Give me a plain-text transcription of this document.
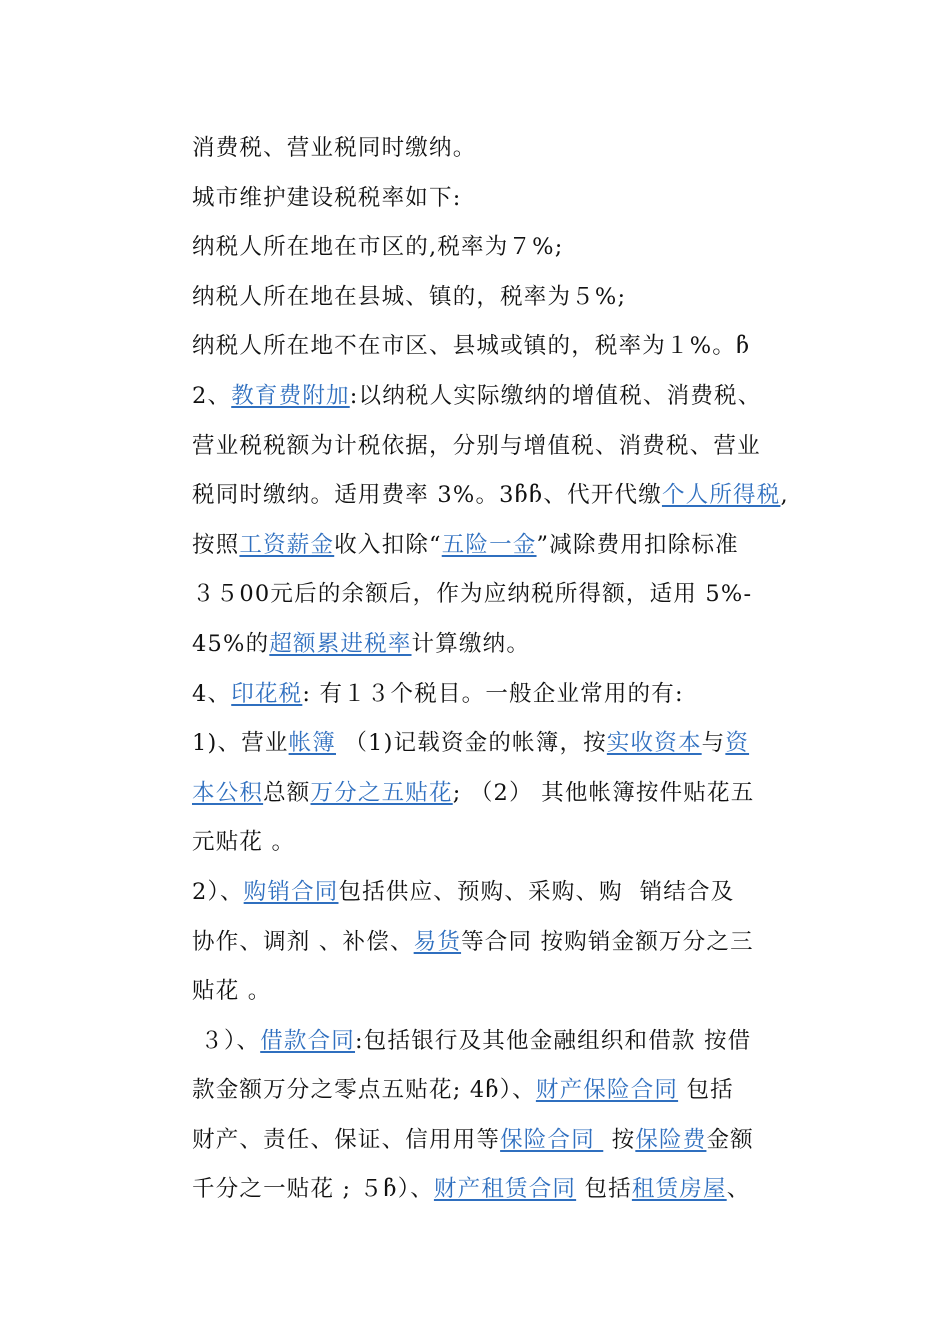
消费税、营业税同时缴纳。
城市维护建设税税率如下:
纳税人所在地在市区的,税率为７%;
纳税人所在地在县城、镇的，税率为５%;
纳税人所在地不在市区、县城或镇的，税率为１%。ჩ
2、教育费附加:以纳税人实际缴纳的增值税、消费税、
营业税税额为计税依据，分别与增值税、消费税、营业
税同时缴纳。适用费率 3%。3ჩჩ、代开代缴个人所得税,
按照工资薪金收入扣除“五险一金”减除费用扣除标准
３５00元后的余额后，作为应纳税所得额，适用 5%-
45%的超额累进税率计算缴纳。
4、印花税: 有１３个税目。一般企业常用的有:
1)、营业帐簿 （1)记载资金的帐簿，按实收资本与资
本公积总额万分之五贴花; （2） 其他帐簿按件贴花五
元贴花 。
2）、购销合同包括供应、预购、采购、购  销结合及
协作、调剂 、补偿、易货等合同 按购销金额万分之三
贴花 。
３）、借款合同:包括银行及其他金融组织和借款 按借
款金额万分之零点五贴花; 4ჩ）、财产保险合同 包括
财产、责任、保证、信用用等保险合同  按保险费金额
千分之一贴花 ; ５ჩ）、财产租赁合同 包括租赁房屋、
